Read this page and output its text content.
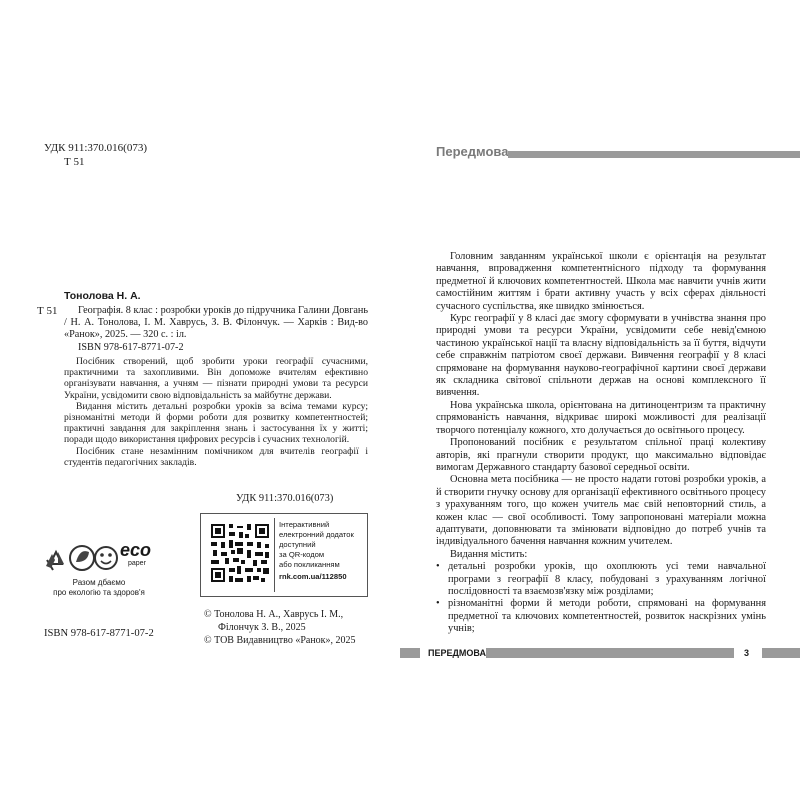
УДК 911:370.016(073)
Т 51
Тонолова Н. А.
Т 51	Географія. 8 клас : розробки уроків до підручника Галини Довгань / Н. А. Тонолова, І. М. Хаврусь, З. В. Філончук. — Харків : Вид-во «Ранок», 2025. — 320 с. : іл.

ISBN 978-617-8771-07-2

Посібник створений, щоб зробити уроки географії сучасними, практичними та захопливими. Він допоможе вчителям ефективно організувати навчання, а учням — пізнати природні умови та ресурси України, усвідомити свою відповідальність за майбутнє держави.

Видання містить детальні розробки уроків за всіма темами курсу; різноманітні методи й форми роботи для розвитку компетентностей; практичні завдання для закріплення знань і застосування їх у житті; поради щодо використання цифрових ресурсів і сучасних технологій.

Посібник стане незамінним помічником для вчителів географії і студентів педагогічних закладів.

УДК 911:370.016(073)
eco
paper
Разом дбаємо
про екологію та здоров'я
Інтерактивний
електронний додаток
доступний
за QR-кодом
або покликанням
rnk.com.ua/112850
ISBN 978-617-8771-07-2
© Тонолова Н. А., Хаврусь І. М.,
Філончук З. В., 2025
© ТОВ Видавництво «Ранок», 2025
Передмова

Головним завданням української школи є орієнтація на результат навчання, впровадження компетентнісного підходу та формування предметної й ключових компетентностей. Школа має навчити учнів жити самостійним життям і брати активну участь у всіх сферах діяльності сучасного суспільства, яке швидко змінюється.

Курс географії у 8 класі дає змогу сформувати в учнівства знання про природні умови та ресурси України, усвідомити себе невід'ємною частиною української нації та власну відповідальність за її буття, відчути себе справжнім патріотом своєї держави. Вивчення географії у 8 класі спрямоване на формування науково-географічної картини своєї держави як складника світової спільноти держав на основі комплексного її вивчення.

Нова українська школа, орієнтована на дитиноцентризм та практичну спрямованість навчання, відкриває широкі можливості для реалізації творчого потенціалу кожного, хто долучається до освітнього процесу.

Пропонований посібник є результатом спільної праці колективу авторів, які прагнули створити продукт, що максимально відповідає вимогам Державного стандарту базової середньої освіти.

Основна мета посібника — не просто надати готові розробки уроків, а й створити гнучку основу для організації ефективного освітнього процесу з урахуванням того, що кожен учитель має свій неповторний стиль, а кожен клас — свої особливості. Тому запропоновані матеріали можна адаптувати, доповнювати та змінювати відповідно до потреб учнів та індивідуального бачення навчання кожним учителем.

Видання містить:

• детальні розробки уроків, що охоплюють усі теми навчальної програми з географії 8 класу, побудовані з урахуванням логічної послідовності та взаємозв'язку між розділами;
• різноманітні форми й методи роботи, спрямовані на формування предметної та ключових компетентностей, розвиток наскрізних умінь учнів;
ПЕРЕДМОВА	3
